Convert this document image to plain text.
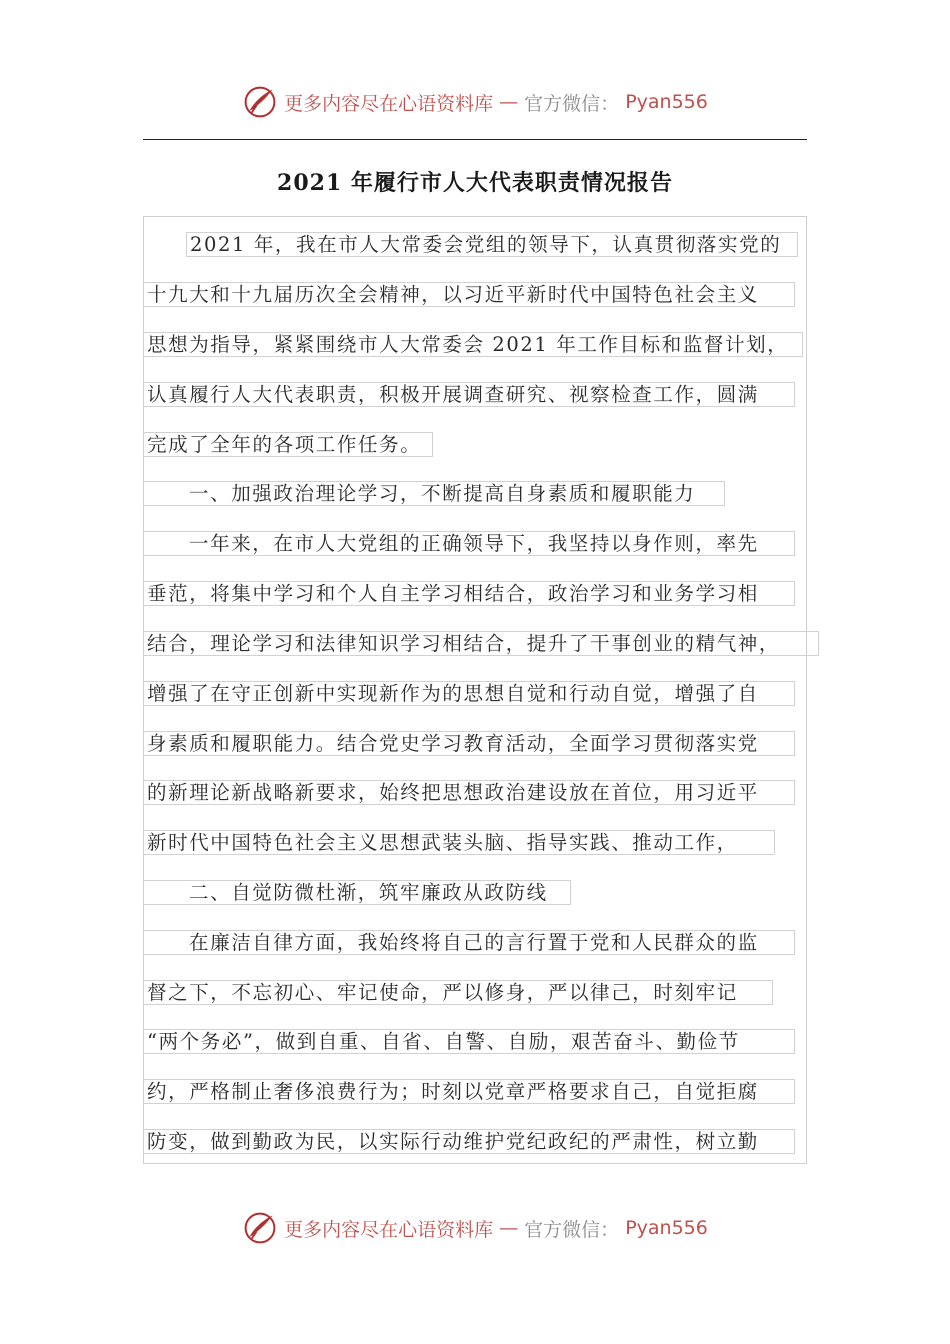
更多内容尽在心语资料库 — 官方微信： Pyan556
2021 年履行市人大代表职责情况报告
2021 年，我在市人大常委会党组的领导下，认真贯彻落实党的
十九大和十九届历次全会精神，以习近平新时代中国特色社会主义
思想为指导，紧紧围绕市人大常委会 2021 年工作目标和监督计划，
认真履行人大代表职责，积极开展调查研究、视察检查工作，圆满
完成了全年的各项工作任务。
一、加强政治理论学习，不断提高自身素质和履职能力
一年来，在市人大党组的正确领导下，我坚持以身作则，率先
垂范，将集中学习和个人自主学习相结合，政治学习和业务学习相
结合，理论学习和法律知识学习相结合，提升了干事创业的精气神，
增强了在守正创新中实现新作为的思想自觉和行动自觉，增强了自
身素质和履职能力。结合党史学习教育活动，全面学习贯彻落实党
的新理论新战略新要求，始终把思想政治建设放在首位，用习近平
新时代中国特色社会主义思想武装头脑、指导实践、推动工作，
二、自觉防微杜渐，筑牢廉政从政防线
在廉洁自律方面，我始终将自己的言行置于党和人民群众的监
督之下，不忘初心、牢记使命，严以修身，严以律己，时刻牢记
“两个务必”，做到自重、自省、自警、自励，艰苦奋斗、勤俭节
约，严格制止奢侈浪费行为；时刻以党章严格要求自己，自觉拒腐
防变，做到勤政为民，以实际行动维护党纪政纪的严肃性，树立勤
更多内容尽在心语资料库 — 官方微信： Pyan556
